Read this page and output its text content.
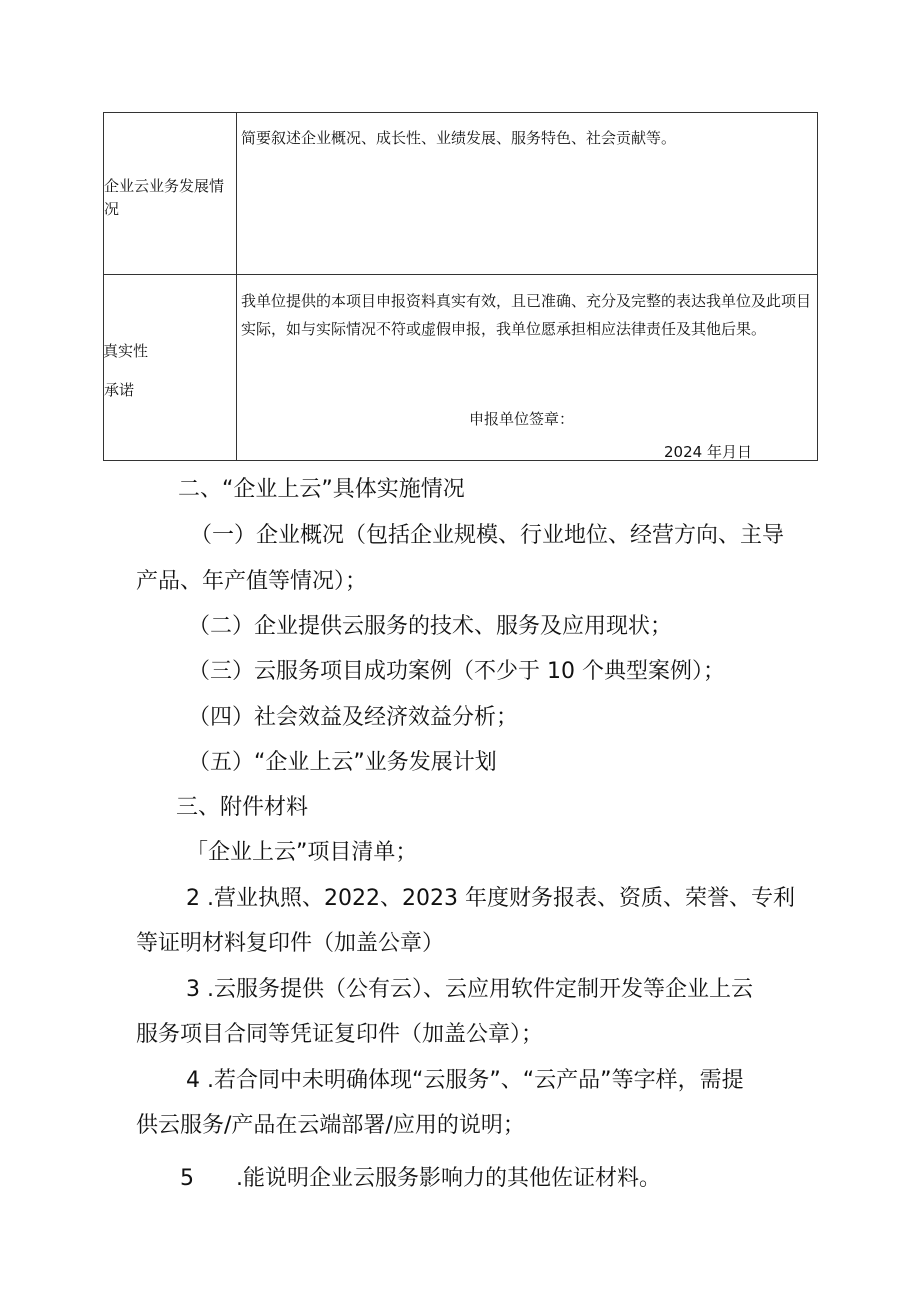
企业云业务发展情况
简要叙述企业概况、成长性、业绩发展、服务特色、社会贡献等。
我单位提供的本项目申报资料真实有效，且已准确、充分及完整的表达我单位及此项目实际，如与实际情况不符或虚假申报，我单位愿承担相应法律责任及其他后果。
申报单位签章：
2024 年月日
真实性
承诺
二、“企业上云”具体实施情况
（一）企业概况（包括企业规模、行业地位、经营方向、主导
产品、年产值等情况）；
（二）企业提供云服务的技术、服务及应用现状；
（三）云服务项目成功案例（不少于 10 个典型案例）；
（四）社会效益及经济效益分析；
（五）“企业上云”业务发展计划
三、附件材料
「企业上云”项目清单；
2 .营业执照、2022、2023 年度财务报表、资质、荣誉、专利
等证明材料复印件（加盖公章）
3 .云服务提供（公有云）、云应用软件定制开发等企业上云
服务项目合同等凭证复印件（加盖公章）；
4 .若合同中未明确体现“云服务”、“云产品”等字样，需提
供云服务/产品在云端部署/应用的说明；
5 .能说明企业云服务影响力的其他佐证材料。
